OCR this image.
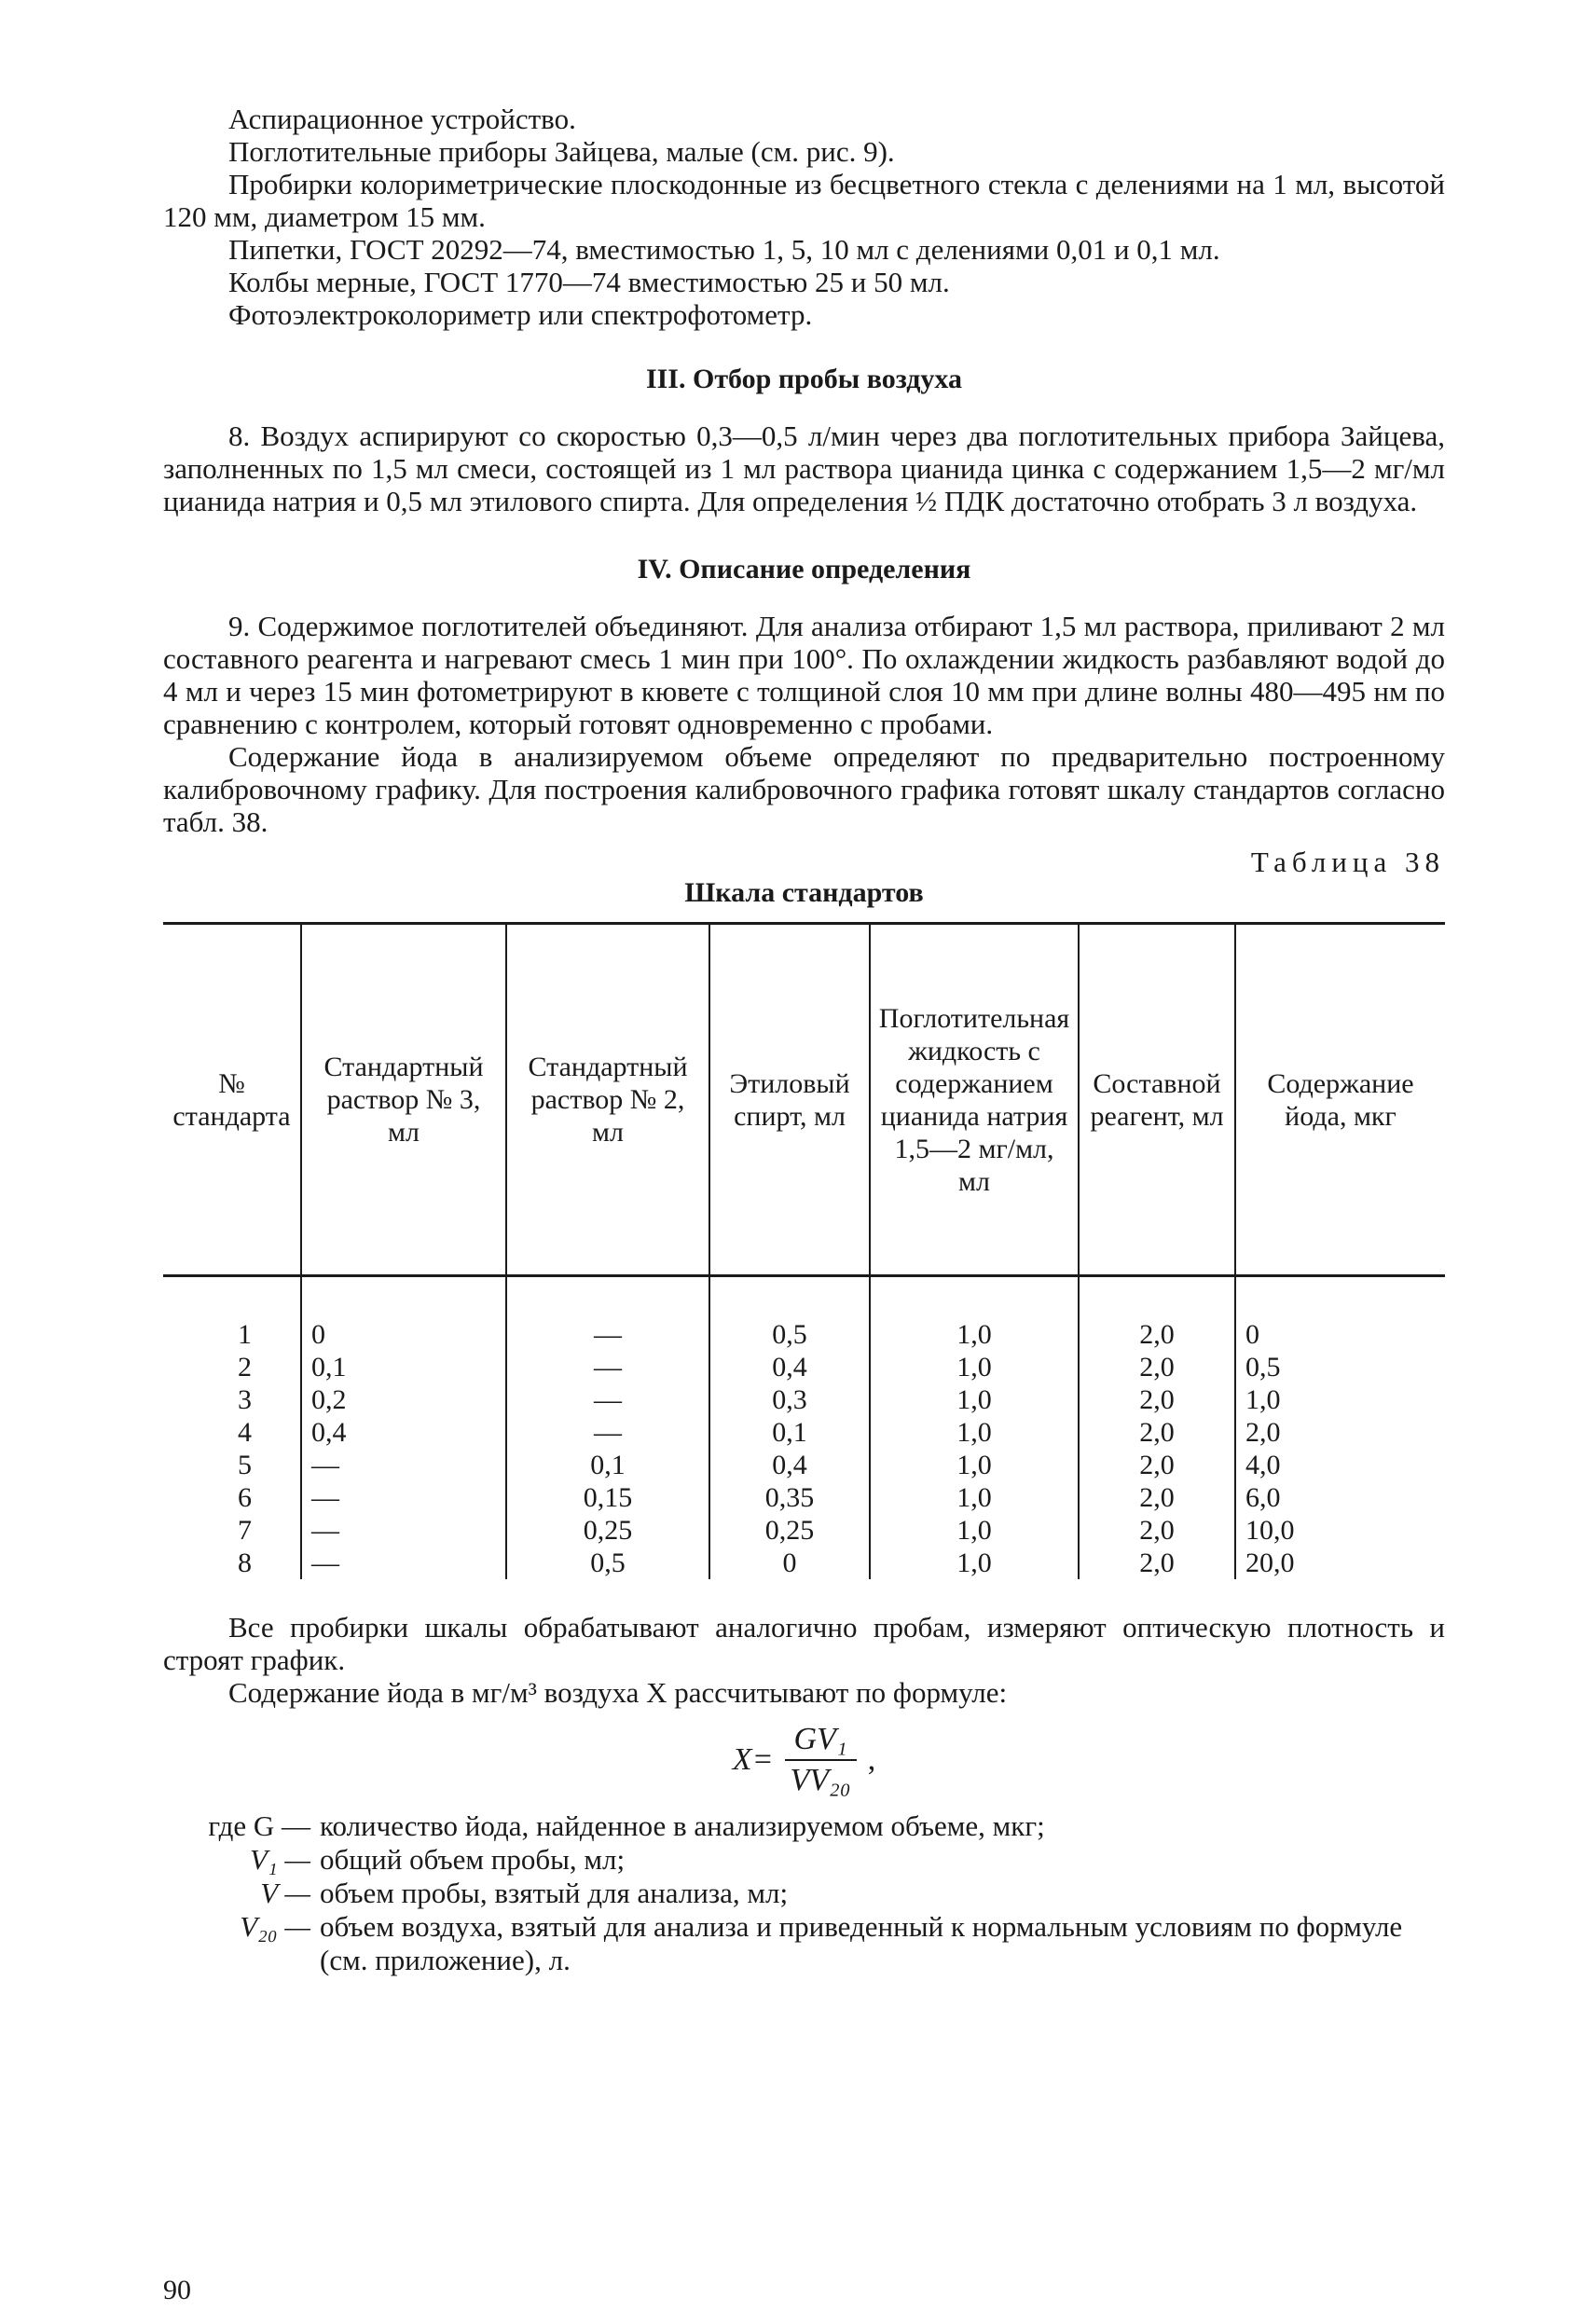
Аспирационное устройство.

Поглотительные приборы Зайцева, малые (см. рис. 9).

Пробирки колориметрические плоскодонные из бесцветного стекла с делениями на 1 мл, высотой 120 мм, диаметром 15 мм.

Пипетки, ГОСТ 20292—74, вместимостью 1, 5, 10 мл с делениями 0,01 и 0,1 мл.

Колбы мерные, ГОСТ 1770—74 вместимостью 25 и 50 мл.

Фотоэлектроколориметр или спектрофотометр.

III. Отбор пробы воздуха

8. Воздух аспирируют со скоростью 0,3—0,5 л/мин через два поглотительных прибора Зайцева, заполненных по 1,5 мл смеси, состоящей из 1 мл раствора цианида цинка с содержанием 1,5—2 мг/мл цианида натрия и 0,5 мл этилового спирта. Для определения ½ ПДК достаточно отобрать 3 л воздуха.

IV. Описание определения

9. Содержимое поглотителей объединяют. Для анализа отбирают 1,5 мл раствора, приливают 2 мл составного реагента и нагревают смесь 1 мин при 100°. По охлаждении жидкость разбавляют водой до 4 мл и через 15 мин фотометрируют в кювете с толщиной слоя 10 мм при длине волны 480—495 нм по сравнению с контролем, который готовят одновременно с пробами.

Содержание йода в анализируемом объеме определяют по предварительно построенному калибровочному графику. Для построения калибровочного графика готовят шкалу стандартов согласно табл. 38.

Таблица 38

Шкала стандартов

№ стандарта	Стандартный раствор № 3, мл	Стандартный раствор № 2, мл	Этиловый спирт, мл	Поглотительная жидкость с содержанием цианида натрия 1,5—2 мг/мл, мл	Составной реагент, мл	Содержание йода, мкг
1	0	—	0,5	1,0	2,0	0
2	0,1	—	0,4	1,0	2,0	0,5
3	0,2	—	0,3	1,0	2,0	1,0
4	0,4	—	0,1	1,0	2,0	2,0
5	—	0,1	0,4	1,0	2,0	4,0
6	—	0,15	0,35	1,0	2,0	6,0
7	—	0,25	0,25	1,0	2,0	10,0
8	—	0,5	0	1,0	2,0	20,0

Все пробирки шкалы обрабатывают аналогично пробам, измеряют оптическую плотность и строят график.

Содержание йода в мг/м³ воздуха X рассчитывают по формуле:

$X= \frac{\text{GV₁}}{\text{VV₂₀}}$ ,
где G — количество йода, найденное в анализируемом объеме, мкг;
V₁ — общий объем пробы, мл;
V — объем пробы, взятый для анализа, мл;
V₂₀ — объем воздуха, взятый для анализа и приведенный к нормальным условиям по формуле (см. приложение), л.
90
